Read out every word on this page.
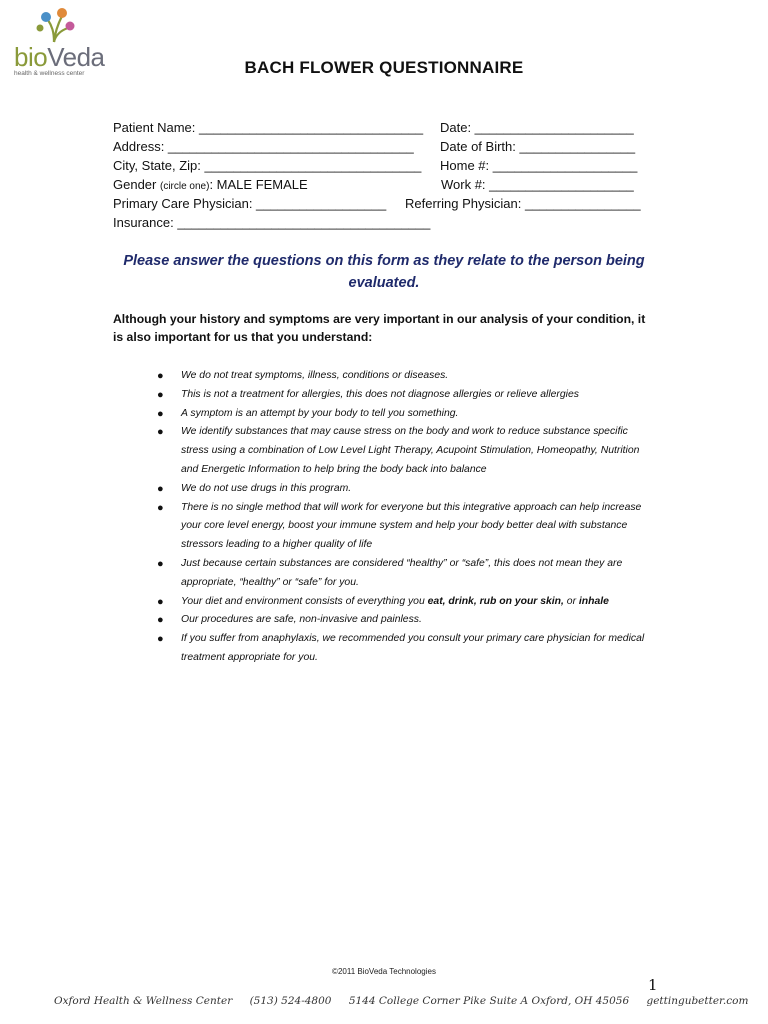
bioVeda
health & wellness center	BACH FLOWER QUESTIONNAIRE
Patient Name: _______________________________ Date: ______________________
Address: __________________________________ Date of Birth: ________________
City, State, Zip: ______________________________ Home #: ____________________
Gender (circle one): MALE FEMALE	Work #: ____________________
Primary Care Physician: __________________ Referring Physician: ________________
Insurance: ___________________________________
Please answer the questions on this form as they relate to the person being evaluated.
Although your history and symptoms are very important in our analysis of your condition, it is also important for us that you understand:
● We do not treat symptoms, illness, conditions or diseases.
● This is not a treatment for allergies, this does not diagnose allergies or relieve allergies
● A symptom is an attempt by your body to tell you something.
● We identify substances that may cause stress on the body and work to reduce substance specific stress using a combination of Low Level Light Therapy, Acupoint Stimulation, Homeopathy, Nutrition and Energetic Information to help bring the body back into balance
● We do not use drugs in this program.
● There is no single method that will work for everyone but this integrative approach can help increase your core level energy, boost your immune system and help your body better deal with substance stressors leading to a higher quality of life
● Just because certain substances are considered “healthy” or “safe”, this does not mean they are appropriate, “healthy” or “safe” for you.
● Your diet and environment consists of everything you eat, drink, rub on your skin, or inhale
● Our procedures are safe, non-invasive and painless.
● If you suffer from anaphylaxis, we recommended you consult your primary care physician for medical treatment appropriate for you.
©2011 BioVeda Technologies
1
Oxford Health & Wellness Center (513) 524-4800 5144 College Corner Pike Suite A Oxford, OH 45056 gettingubetter.com
